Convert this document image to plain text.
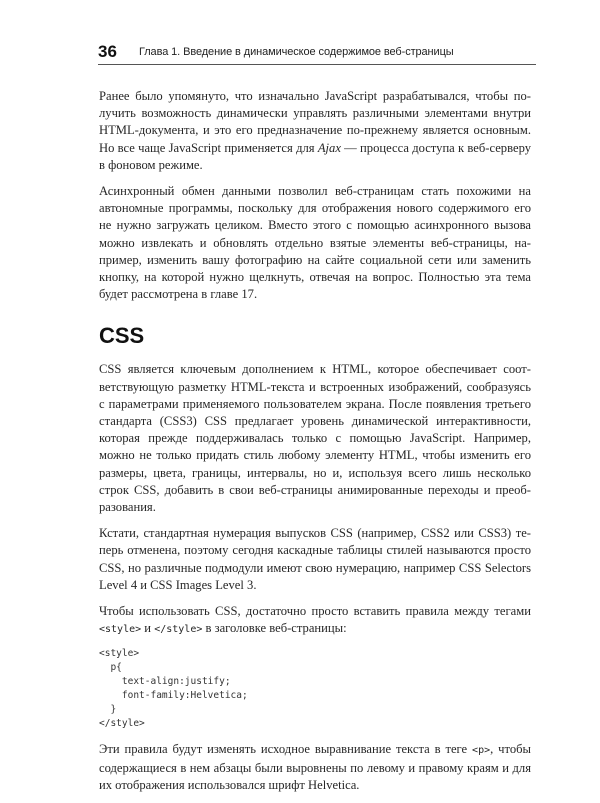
36 Глава 1. Введение в динамическое содержимое веб-страницы

Ранее было упомянуто, что изначально JavaScript разрабатывался, чтобы получить возможность динамически управлять различными элементами внутри HTML-документа, и это его предназначение по-прежнему является основным. Но все чаще JavaScript применяется для Ajax — процесса доступа к веб-серверу в фоновом режиме.

Асинхронный обмен данными позволил веб-страницам стать похожими на автономные программы, поскольку для отображения нового содержимого его не нужно загружать целиком. Вместо этого с помощью асинхронного вызова можно извлекать и обновлять отдельно взятые элементы веб-страницы, например, изменить вашу фотографию на сайте социальной сети или заменить кнопку, на которой нужно щелкнуть, отвечая на вопрос. Полностью эта тема будет рассмотрена в главе 17.

CSS

CSS является ключевым дополнением к HTML, которое обеспечивает соответствующую разметку HTML-текста и встроенных изображений, сообразуясь с параметрами применяемого пользователем экрана. После появления третьего стандарта (CSS3) CSS предлагает уровень динамической интерактивности, которая прежде поддерживалась только с помощью JavaScript. Например, можно не только придать стиль любому элементу HTML, чтобы изменить его размеры, цвета, границы, интервалы, но и, используя всего лишь несколько строк CSS, добавить в свои веб-страницы анимированные переходы и преобразования.

Кстати, стандартная нумерация выпусков CSS (например, CSS2 или CSS3) теперь отменена, поэтому сегодня каскадные таблицы стилей называются просто CSS, но различные подмодули имеют свою нумерацию, например CSS Selectors Level 4 и CSS Images Level 3.

Чтобы использовать CSS, достаточно просто вставить правила между тегами <style> и </style> в заголовке веб-страницы:

<style>
p{
text-align:justify;
font-family:Helvetica;
}
</style>

Эти правила будут изменять исходное выравнивание текста в теге <p>, чтобы содержащиеся в нем абзацы были выровнены по левому и правому краям и для их отображения использовался шрифт Helvetica.
